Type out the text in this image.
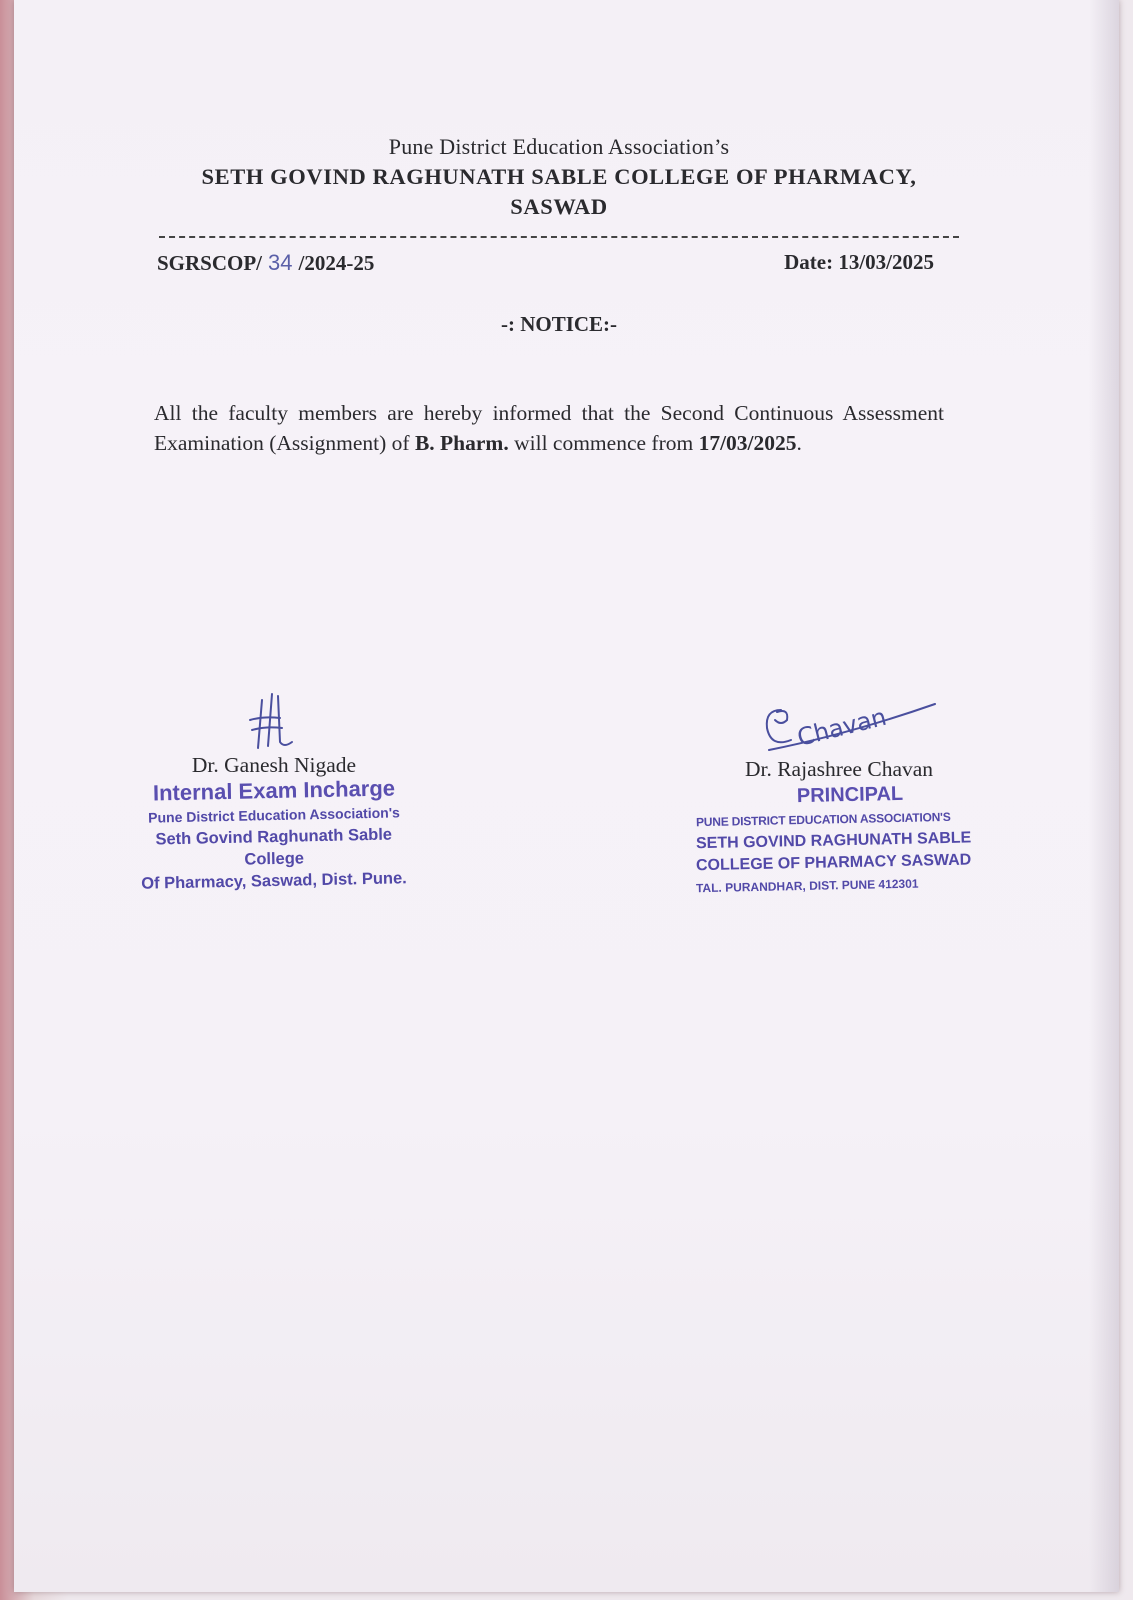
Pune District Education Association’s
SETH GOVIND RAGHUNATH SABLE COLLEGE OF PHARMACY,
SASWAD
SGRSCOP/ 34 /2024-25	Date: 13/03/2025
-: NOTICE:-
All the faculty members are hereby informed that the Second Continuous Assessment Examination (Assignment) of B. Pharm. will commence from 17/03/2025.
Dr. Ganesh Nigade
Internal Exam Incharge
Pune District Education Association's
Seth Govind Raghunath Sable College
Of Pharmacy, Saswad, Dist. Pune.
Chavan
Dr. Rajashree Chavan
PRINCIPAL
PUNE DISTRICT EDUCATION ASSOCIATION'S
SETH GOVIND RAGHUNATH SABLE
COLLEGE OF PHARMACY SASWAD
TAL. PURANDHAR, DIST. PUNE 412301
